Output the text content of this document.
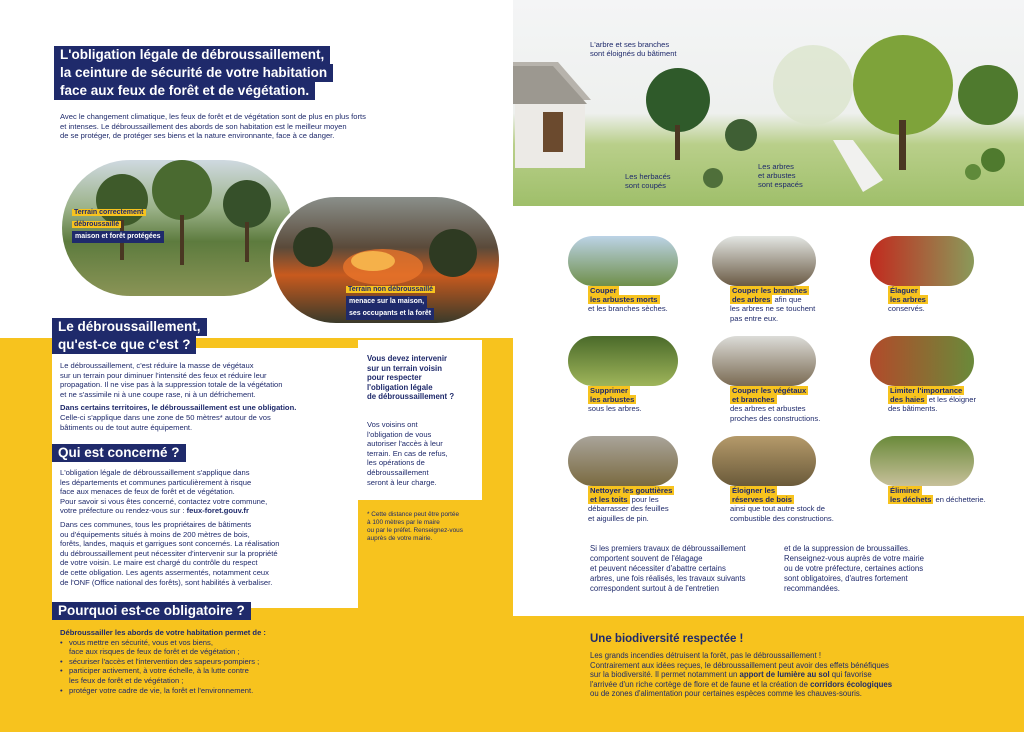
L'obligation légale de débroussaillement,
la ceinture de sécurité de votre habitation
face aux feux de forêt et de végétation.
Avec le changement climatique, les feux de forêt et de végétation sont de plus en plus forts
et intenses. Le débroussaillement des abords de son habitation est le meilleur moyen
de se protéger, de protéger ses biens et la nature environnante, face à ce danger.
Terrain correctement
débroussaillé
maison et forêt protégées
Terrain non débroussaillé
menace sur la maison,
ses occupants et la forêt
Le débroussaillement,
qu'est-ce que c'est ?
Le débroussaillement, c'est réduire la masse de végétaux
sur un terrain pour diminuer l'intensité des feux et réduire leur
propagation. Il ne vise pas à la suppression totale de la végétation
et ne s'assimile ni à une coupe rase, ni à un défrichement.
Dans certains territoires, le débroussaillement est une obligation.
Celle-ci s'applique dans une zone de 50 mètres* autour de vos
bâtiments ou de tout autre équipement.
Vous devez intervenir
sur un terrain voisin
pour respecter
l'obligation légale
de débroussaillement ?
Vos voisins ont
l'obligation de vous
autoriser l'accès à leur
terrain. En cas de refus,
les opérations de
débroussaillement
seront à leur charge.
* Cette distance peut être portée
à 100 mètres par le maire
ou par le préfet. Renseignez-vous
auprès de votre mairie.
Qui est concerné ?
L'obligation légale de débroussaillement s'applique dans
les départements et communes particulièrement à risque
face aux menaces de feux de forêt et de végétation.
Pour savoir si vous êtes concerné, contactez votre commune,
votre préfecture ou rendez-vous sur : feux-foret.gouv.fr
Dans ces communes, tous les propriétaires de bâtiments
ou d'équipements situés à moins de 200 mètres de bois,
forêts, landes, maquis et garrigues sont concernés. La réalisation
du débroussaillement peut nécessiter d'intervenir sur la propriété
de votre voisin. Le maire est chargé du contrôle du respect
de cette obligation. Les agents assermentés, notamment ceux
de l'ONF (Office national des forêts), sont habilités à verbaliser.
Pourquoi est-ce obligatoire ?
Débroussailler les abords de votre habitation permet de :
• vous mettre en sécurité, vous et vos biens,
face aux risques de feux de forêt et de végétation ;
• sécuriser l'accès et l'intervention des sapeurs-pompiers ;
• participer activement, à votre échelle, à la lutte contre
les feux de forêt et de végétation ;
• protéger votre cadre de vie, la forêt et l'environnement.
L'arbre et ses branches
sont éloignés du bâtiment
Les herbacés
sont coupés
Les arbres
et arbustes
sont espacés
Couper
les arbustes morts
et les branches sèches.
Couper les branches
des arbres afin que
les arbres ne se touchent
pas entre eux.
Élaguer
les arbres
conservés.
Supprimer
les arbustes
sous les arbres.
Couper les végétaux
et branches
des arbres et arbustes
proches des constructions.
Limiter l'importance
des haies et les éloigner
des bâtiments.
Nettoyer les gouttières
et les toits pour les
débarrasser des feuilles
et aiguilles de pin.
Éloigner les
réserves de bois
ainsi que tout autre stock de
combustible des constructions.
Éliminer
les déchets en déchetterie.
Si les premiers travaux de débroussaillement
comportent souvent de l'élagage
et peuvent nécessiter d'abattre certains
arbres, une fois réalisés, les travaux suivants
correspondent surtout à de l'entretien
et de la suppression de broussailles.
Renseignez-vous auprès de votre mairie
ou de votre préfecture, certaines actions
sont obligatoires, d'autres fortement
recommandées.
Une biodiversité respectée !
Les grands incendies détruisent la forêt, pas le débroussaillement !
Contrairement aux idées reçues, le débroussaillement peut avoir des effets bénéfiques
sur la biodiversité. Il permet notamment un apport de lumière au sol qui favorise
l'arrivée d'un riche cortège de flore et de faune et la création de corridors écologiques
ou de zones d'alimentation pour certaines espèces comme les chauves-souris.
